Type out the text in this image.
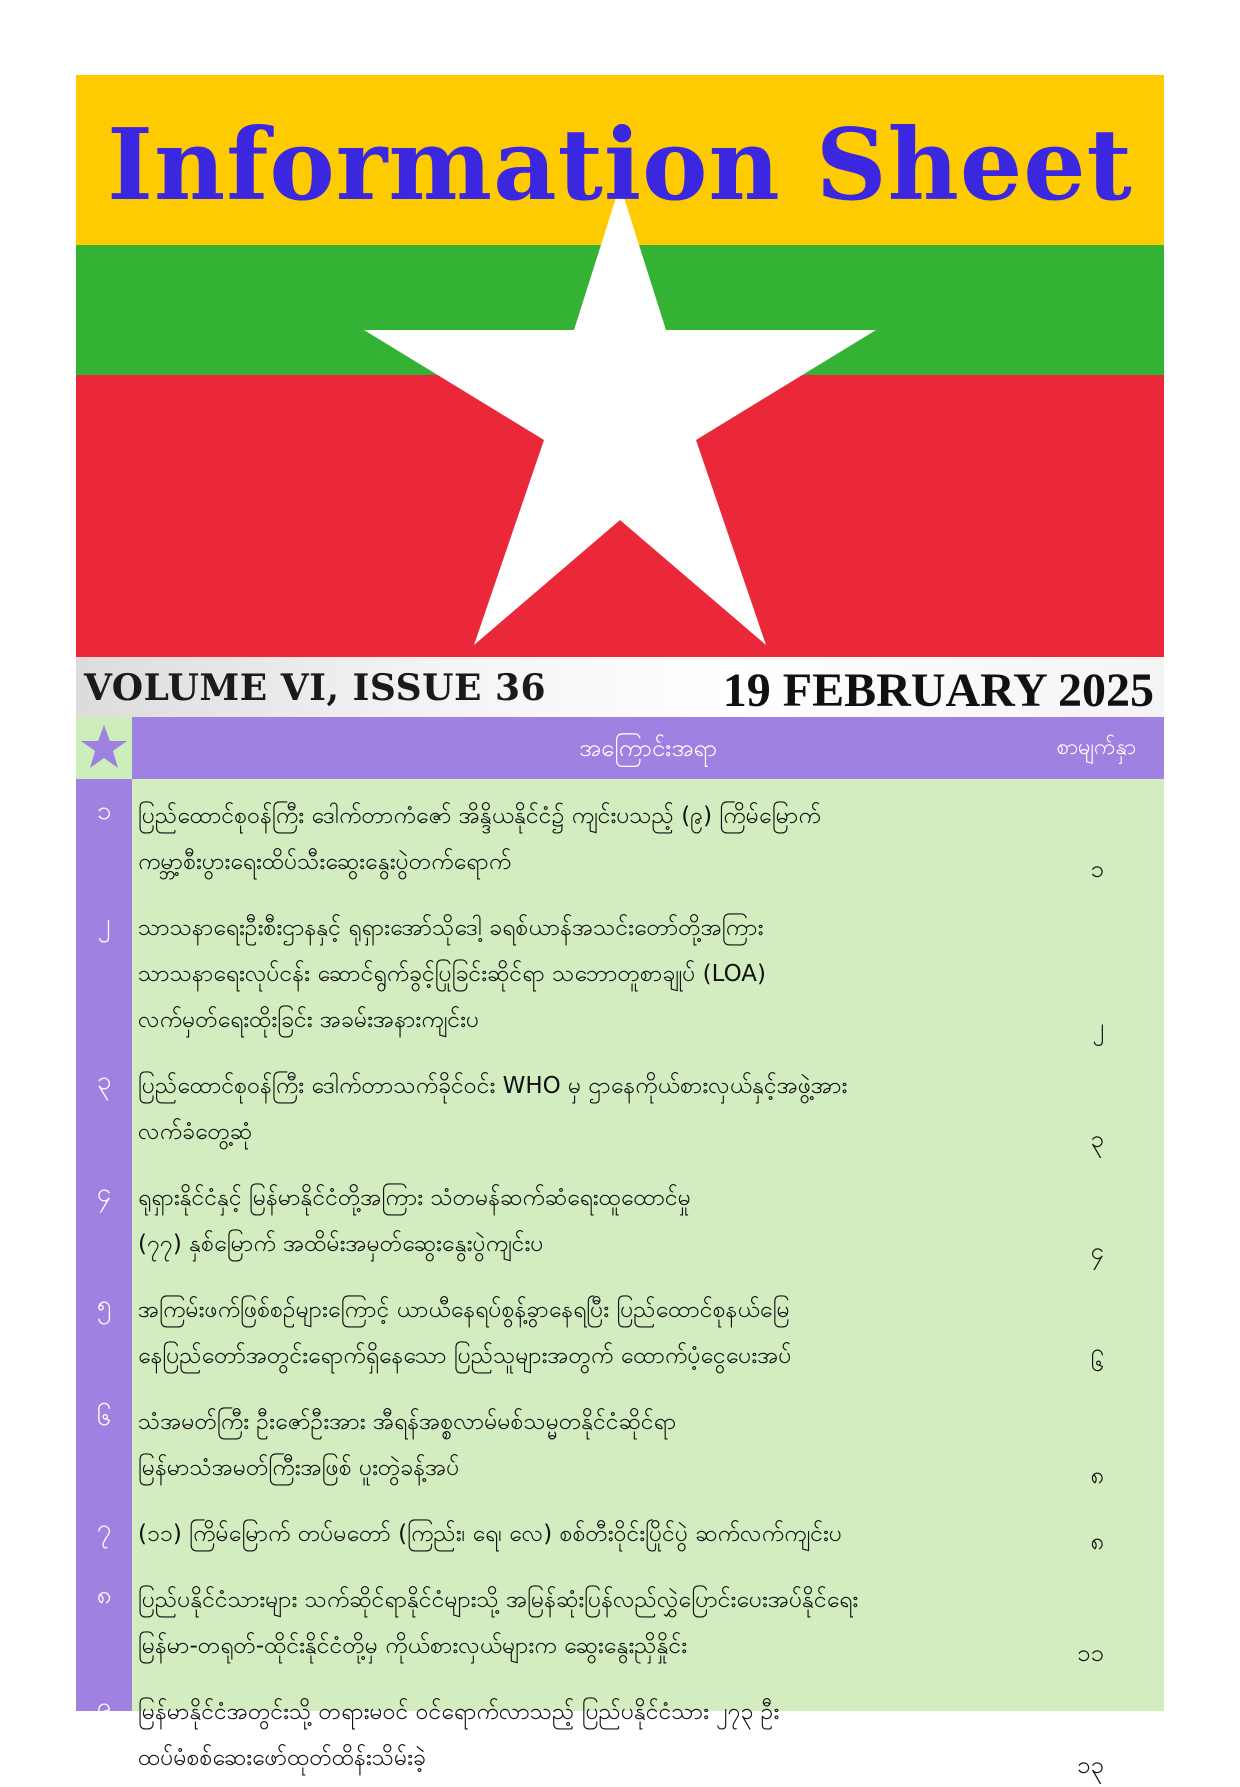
Information Sheet
VOLUME VI, ISSUE 36	19 FEBRUARY 2025
အကြောင်းအရာ	စာမျက်နှာ
၁	ပြည်ထောင်စုဝန်ကြီး ဒေါက်တာကံဇော် အိန္ဒိယနိုင်ငံ၌ ကျင်းပသည့် (၉) ကြိမ်မြောက်
ကမ္ဘာ့စီးပွားရေးထိပ်သီးဆွေးနွေးပွဲတက်ရောက်	၁
၂	သာသနာရေးဦးစီးဌာနနှင့် ရုရှားအော်သိုဒေါ့ ခရစ်ယာန်အသင်းတော်တို့အကြား
သာသနာရေးလုပ်ငန်း ဆောင်ရွက်ခွင့်ပြုခြင်းဆိုင်ရာ သဘောတူစာချုပ် (LOA)
လက်မှတ်ရေးထိုးခြင်း အခမ်းအနားကျင်းပ	၂
၃	ပြည်ထောင်စုဝန်ကြီး ဒေါက်တာသက်ခိုင်ဝင်း WHO မှ ဌာနေကိုယ်စားလှယ်နှင့်အဖွဲ့အား
လက်ခံတွေ့ဆုံ	၃
၄	ရုရှားနိုင်ငံနှင့် မြန်မာနိုင်ငံတို့အကြား သံတမန်ဆက်ဆံရေးထူထောင်မှု
(၇၇) နှစ်မြောက် အထိမ်းအမှတ်ဆွေးနွေးပွဲကျင်းပ	၄
၅	အကြမ်းဖက်ဖြစ်စဉ်များကြောင့် ယာယီနေရပ်စွန့်ခွာနေရပြီး ပြည်ထောင်စုနယ်မြေ
နေပြည်တော်အတွင်းရောက်ရှိနေသော ပြည်သူများအတွက် ထောက်ပံ့ငွေပေးအပ်	၆
၆	သံအမတ်ကြီး ဦးဇော်ဦးအား အီရန်အစ္စလာမ်မစ်သမ္မတနိုင်ငံဆိုင်ရာ
မြန်မာသံအမတ်ကြီးအဖြစ် ပူးတွဲခန့်အပ်	၈
၇	(၁၁) ကြိမ်မြောက် တပ်မတော် (ကြည်း၊ ရေ၊ လေ) စစ်တီးဝိုင်းပြိုင်ပွဲ ဆက်လက်ကျင်းပ	၈
၈	ပြည်ပနိုင်ငံသားများ သက်ဆိုင်ရာနိုင်ငံများသို့ အမြန်ဆုံးပြန်လည်လွှဲပြောင်းပေးအပ်နိုင်ရေး
မြန်မာ-တရုတ်-ထိုင်းနိုင်ငံတို့မှ ကိုယ်စားလှယ်များက ဆွေးနွေးညှိနှိုင်း	၁၁
၉	မြန်မာနိုင်ငံအတွင်းသို့ တရားမဝင် ဝင်ရောက်လာသည့် ပြည်ပနိုင်ငံသား ၂၇၃ ဦး
ထပ်မံစစ်ဆေးဖော်ထုတ်ထိန်းသိမ်းခဲ့	၁၃
